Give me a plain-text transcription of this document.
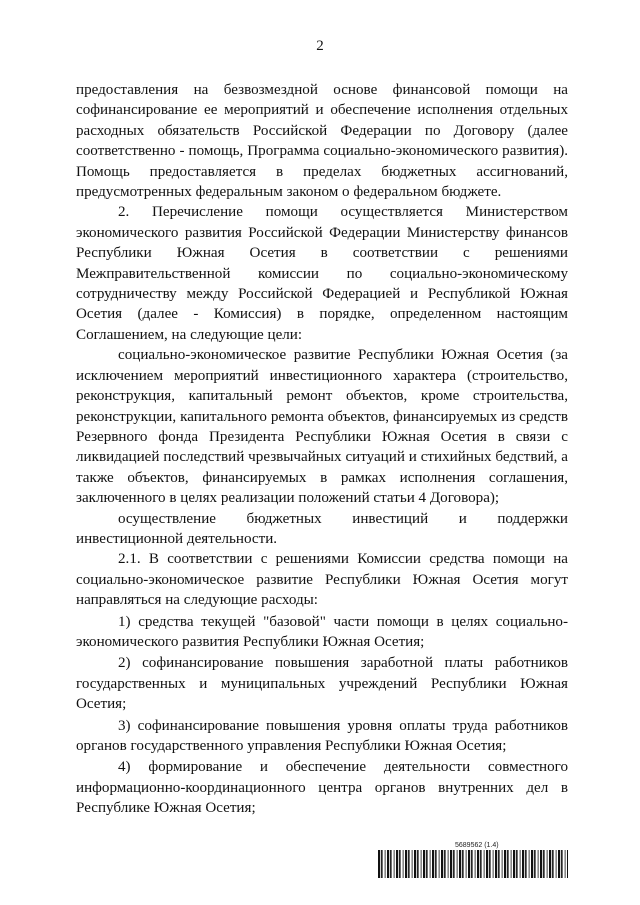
2

предоставления на безвозмездной основе финансовой помощи на софинансирование ее мероприятий и обеспечение исполнения отдельных расходных обязательств Российской Федерации по Договору (далее соответственно - помощь, Программа социально-экономического развития). Помощь предоставляется в пределах бюджетных ассигнований, предусмотренных федеральным законом о федеральном бюджете.

2. Перечисление помощи осуществляется Министерством экономического развития Российской Федерации Министерству финансов Республики Южная Осетия в соответствии с решениями Межправительственной комиссии по социально-экономическому сотрудничеству между Российской Федерацией и Республикой Южная Осетия (далее - Комиссия) в порядке, определенном настоящим Соглашением, на следующие цели:

социально-экономическое развитие Республики Южная Осетия (за исключением мероприятий инвестиционного характера (строительство, реконструкция, капитальный ремонт объектов, кроме строительства, реконструкции, капитального ремонта объектов, финансируемых из средств Резервного фонда Президента Республики Южная Осетия в связи с ликвидацией последствий чрезвычайных ситуаций и стихийных бедствий, а также объектов, финансируемых в рамках исполнения соглашения, заключенного в целях реализации положений статьи 4 Договора);

осуществление бюджетных инвестиций и поддержки инвестиционной деятельности.

2.1. В соответствии с решениями Комиссии средства помощи на социально-экономическое развитие Республики Южная Осетия могут направляться на следующие расходы:

1) средства текущей "базовой" части помощи в целях социально-экономического развития Республики Южная Осетия;

2) софинансирование повышения заработной платы работников государственных и муниципальных учреждений Республики Южная Осетия;

3) софинансирование повышения уровня оплаты труда работников органов государственного управления Республики Южная Осетия;

4) формирование и обеспечение деятельности совместного информационно-координационного центра органов внутренних дел в Республике Южная Осетия;

5689562 (1.4)
